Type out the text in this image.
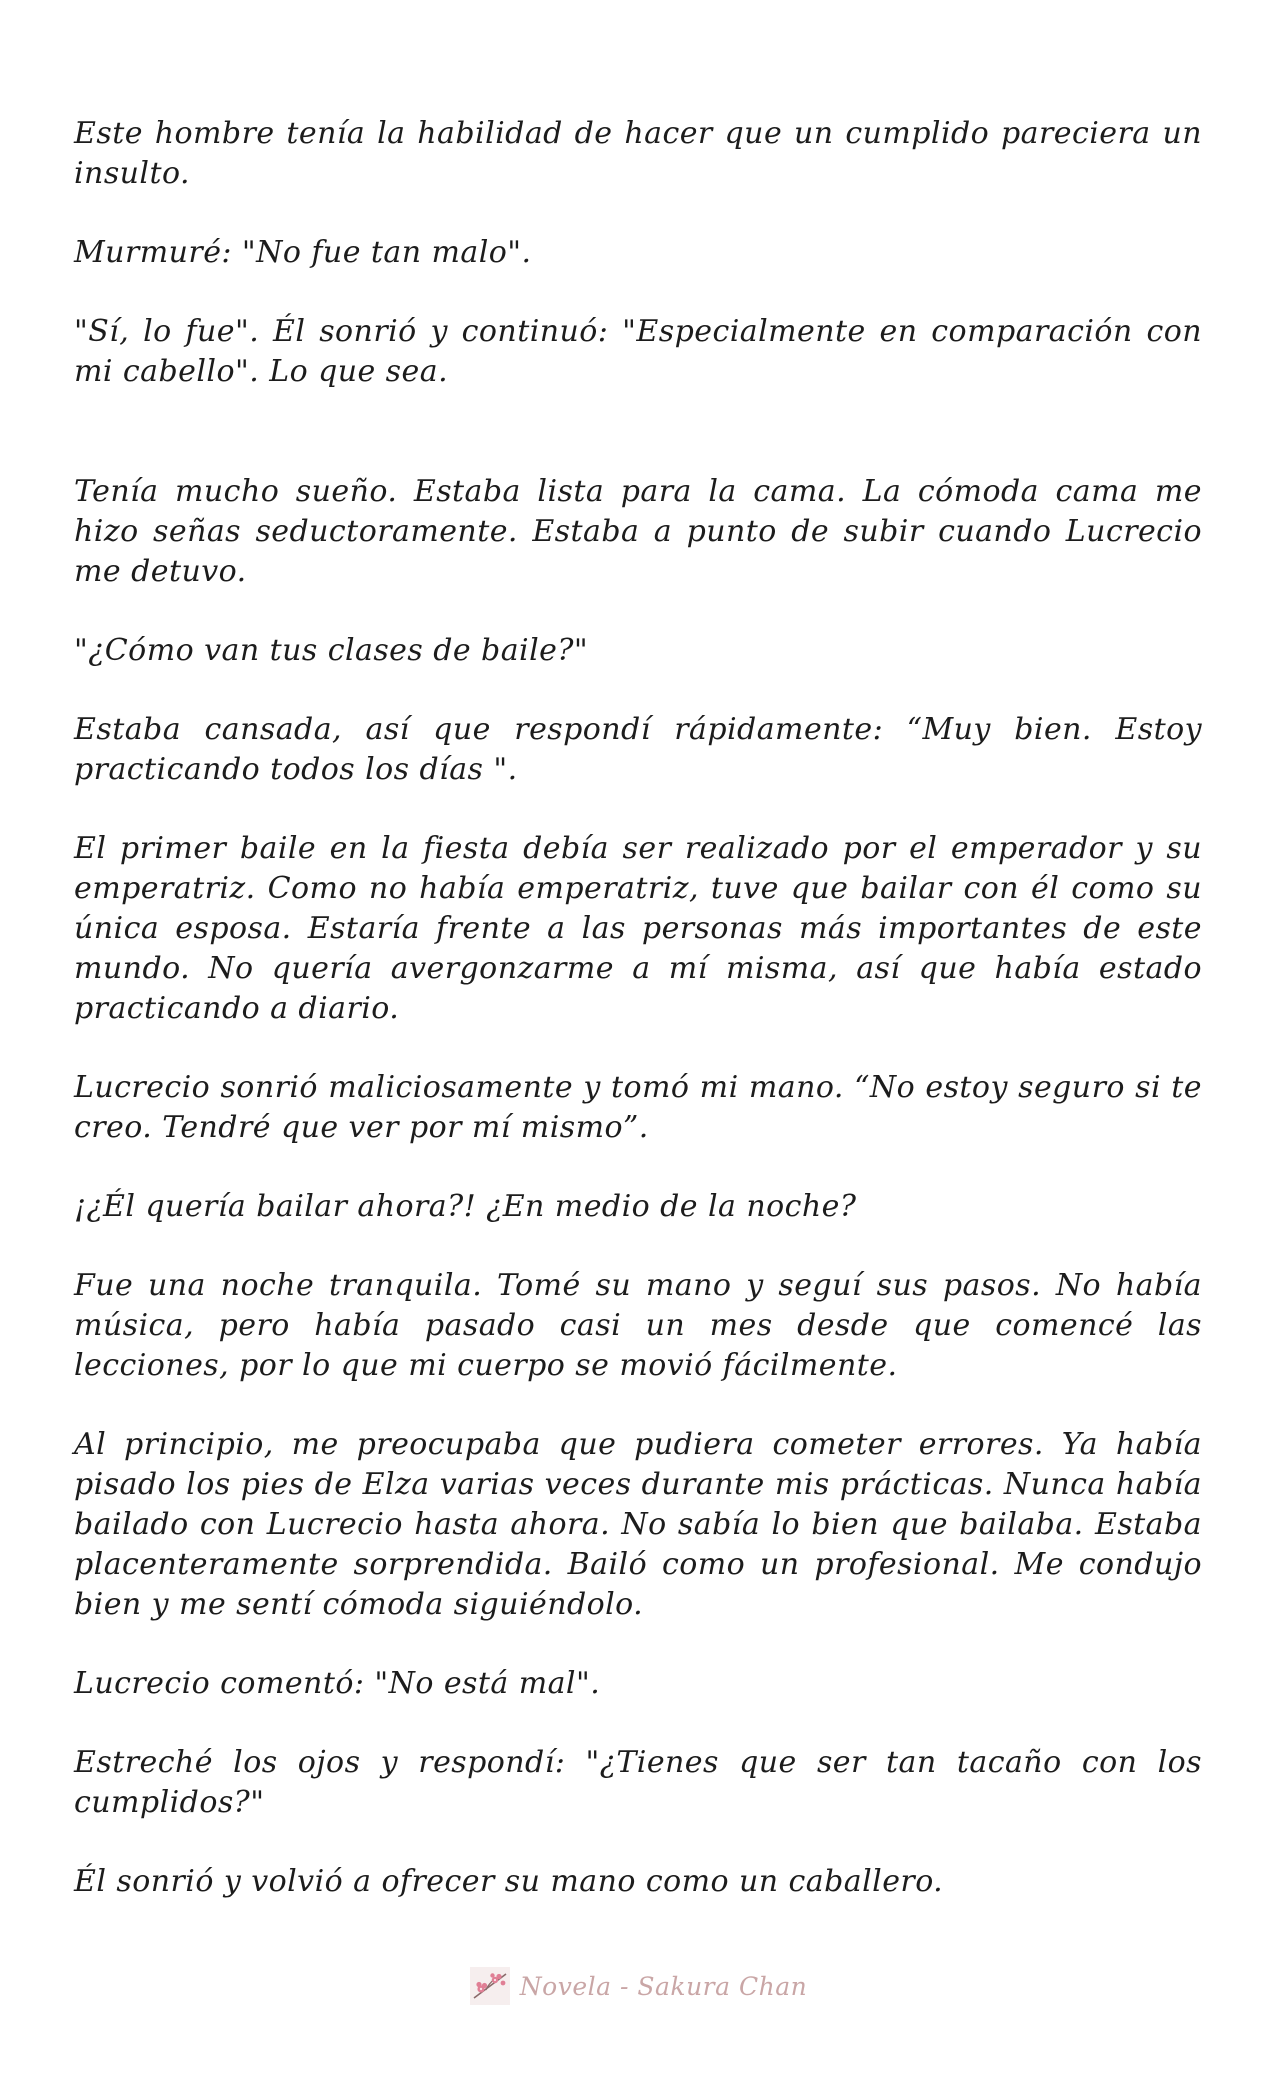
Este hombre tenía la habilidad de hacer que un cumplido pareciera un insulto.

Murmuré: "No fue tan malo".

"Sí, lo fue". Él sonrió y continuó: "Especialmente en comparación con mi cabello". Lo que sea.

Tenía mucho sueño. Estaba lista para la cama. La cómoda cama me hizo señas seductoramente. Estaba a punto de subir cuando Lucrecio me detuvo.

"¿Cómo van tus clases de baile?"

Estaba cansada, así que respondí rápidamente: “Muy bien. Estoy practicando todos los días ".

El primer baile en la fiesta debía ser realizado por el emperador y su emperatriz. Como no había emperatriz, tuve que bailar con él como su única esposa. Estaría frente a las personas más importantes de este mundo. No quería avergonzarme a mí misma, así que había estado practicando a diario.

Lucrecio sonrió maliciosamente y tomó mi mano. “No estoy seguro si te creo. Tendré que ver por mí mismo”.

¡¿Él quería bailar ahora?! ¿En medio de la noche?

Fue una noche tranquila. Tomé su mano y seguí sus pasos. No había música, pero había pasado casi un mes desde que comencé las lecciones, por lo que mi cuerpo se movió fácilmente.

Al principio, me preocupaba que pudiera cometer errores. Ya había pisado los pies de Elza varias veces durante mis prácticas. Nunca había bailado con Lucrecio hasta ahora. No sabía lo bien que bailaba. Estaba placenteramente sorprendida. Bailó como un profesional. Me condujo bien y me sentí cómoda siguiéndolo.

Lucrecio comentó: "No está mal".

Estreché los ojos y respondí: "¿Tienes que ser tan tacaño con los cumplidos?"

Él sonrió y volvió a ofrecer su mano como un caballero.

Novela - Sakura Chan
